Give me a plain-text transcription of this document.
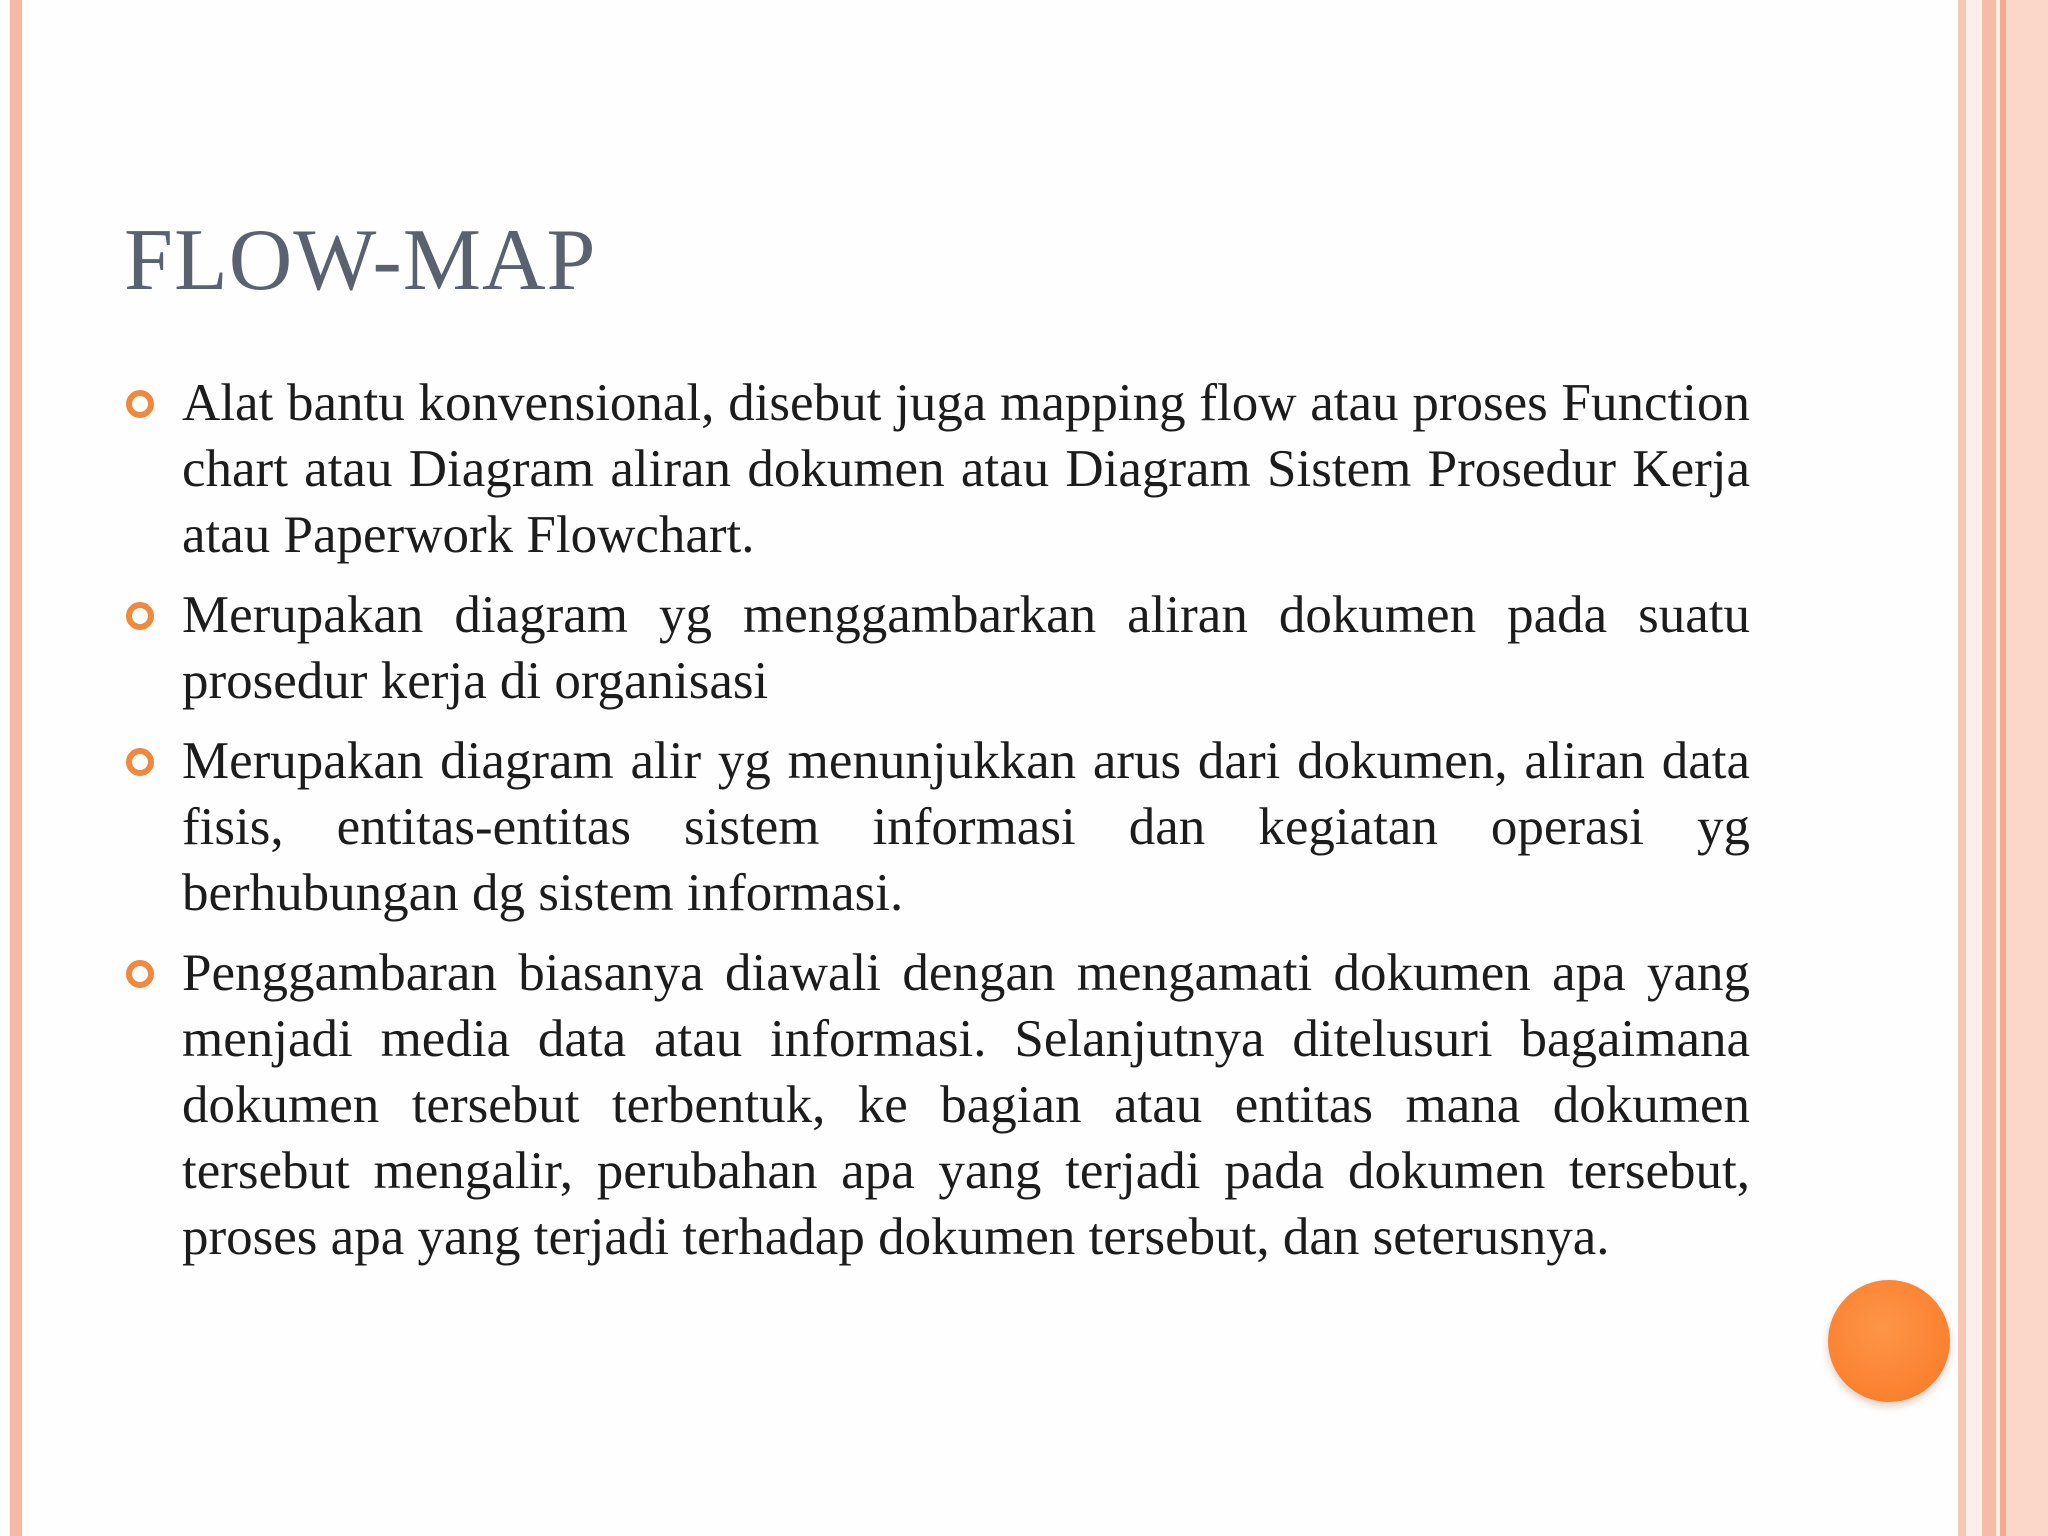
FLOW-MAP
Alat bantu konvensional, disebut juga mapping flow atau proses Function chart atau Diagram aliran dokumen atau Diagram Sistem Prosedur Kerja atau Paperwork Flowchart.
Merupakan diagram yg menggambarkan aliran dokumen pada suatu prosedur kerja di organisasi
Merupakan diagram alir yg menunjukkan arus dari dokumen, aliran data fisis, entitas-entitas sistem informasi dan kegiatan operasi yg berhubungan dg sistem informasi.
Penggambaran biasanya diawali dengan mengamati dokumen apa yang menjadi media data atau informasi. Selanjutnya ditelusuri bagaimana dokumen tersebut terbentuk, ke bagian atau entitas mana dokumen tersebut mengalir, perubahan apa yang terjadi pada dokumen tersebut, proses apa yang terjadi terhadap dokumen tersebut, dan seterusnya.
